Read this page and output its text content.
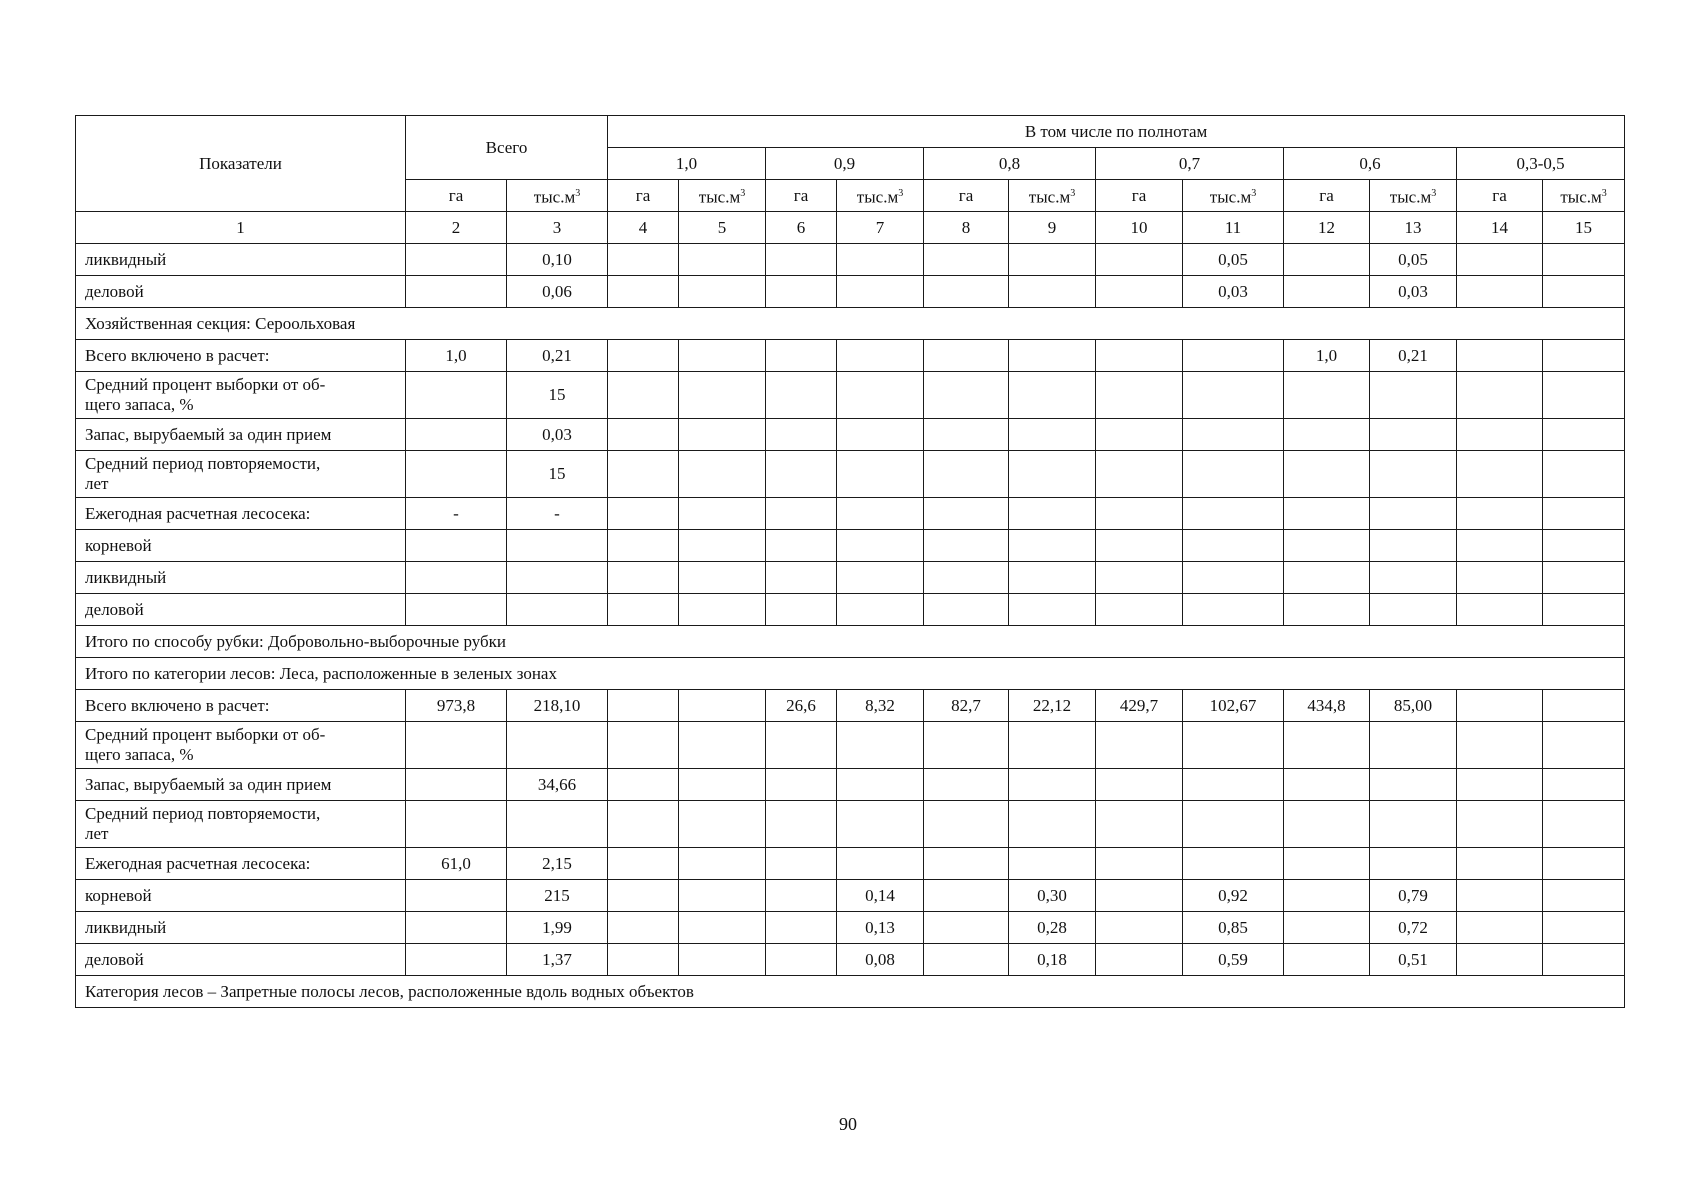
Показатели	Всего		В том числе по полнотам											
			1,0		0,9		0,8		0,7		0,6		0,3-0,5	
	га	$тыс.м^3$	га	$тыс.м^3$	га	$тыс.м^3$	га	$тыс.м^3$	га	$тыс.м^3$	га	$тыс.м^3$	га	$тыс.м^3$
1	2	3	4	5	6	7	8	9	10	11	12	13	14	15
ликвидный		0,10								0,05		0,05		
деловой		0,06								0,03		0,03		
Хозяйственная секция: Сероольховая														
Всего включено в расчет:	1,0	0,21									1,0	0,21		
Средний процент выборки от об-
щего запаса, %		15												
Запас, вырубаемый за один прием		0,03												
Средний период повторяемости,
лет		15												
Ежегодная расчетная лесосека:	-	-												
корневой														
ликвидный														
деловой														
Итого по способу рубки: Добровольно-выборочные рубки														
Итого по категории лесов: Леса, расположенные в зеленых зонах														
Всего включено в расчет:	973,8	218,10			26,6	8,32	82,7	22,12	429,7	102,67	434,8	85,00		
Средний процент выборки от об-
щего запаса, %														
Запас, вырубаемый за один прием		34,66												
Средний период повторяемости,
лет														
Ежегодная расчетная лесосека:	61,0	2,15												
корневой		215				0,14		0,30		0,92		0,79		
ликвидный		1,99				0,13		0,28		0,85		0,72		
деловой		1,37				0,08		0,18		0,59		0,51		
Категория лесов – Запретные полосы лесов, расположенные вдоль водных объектов														
90
